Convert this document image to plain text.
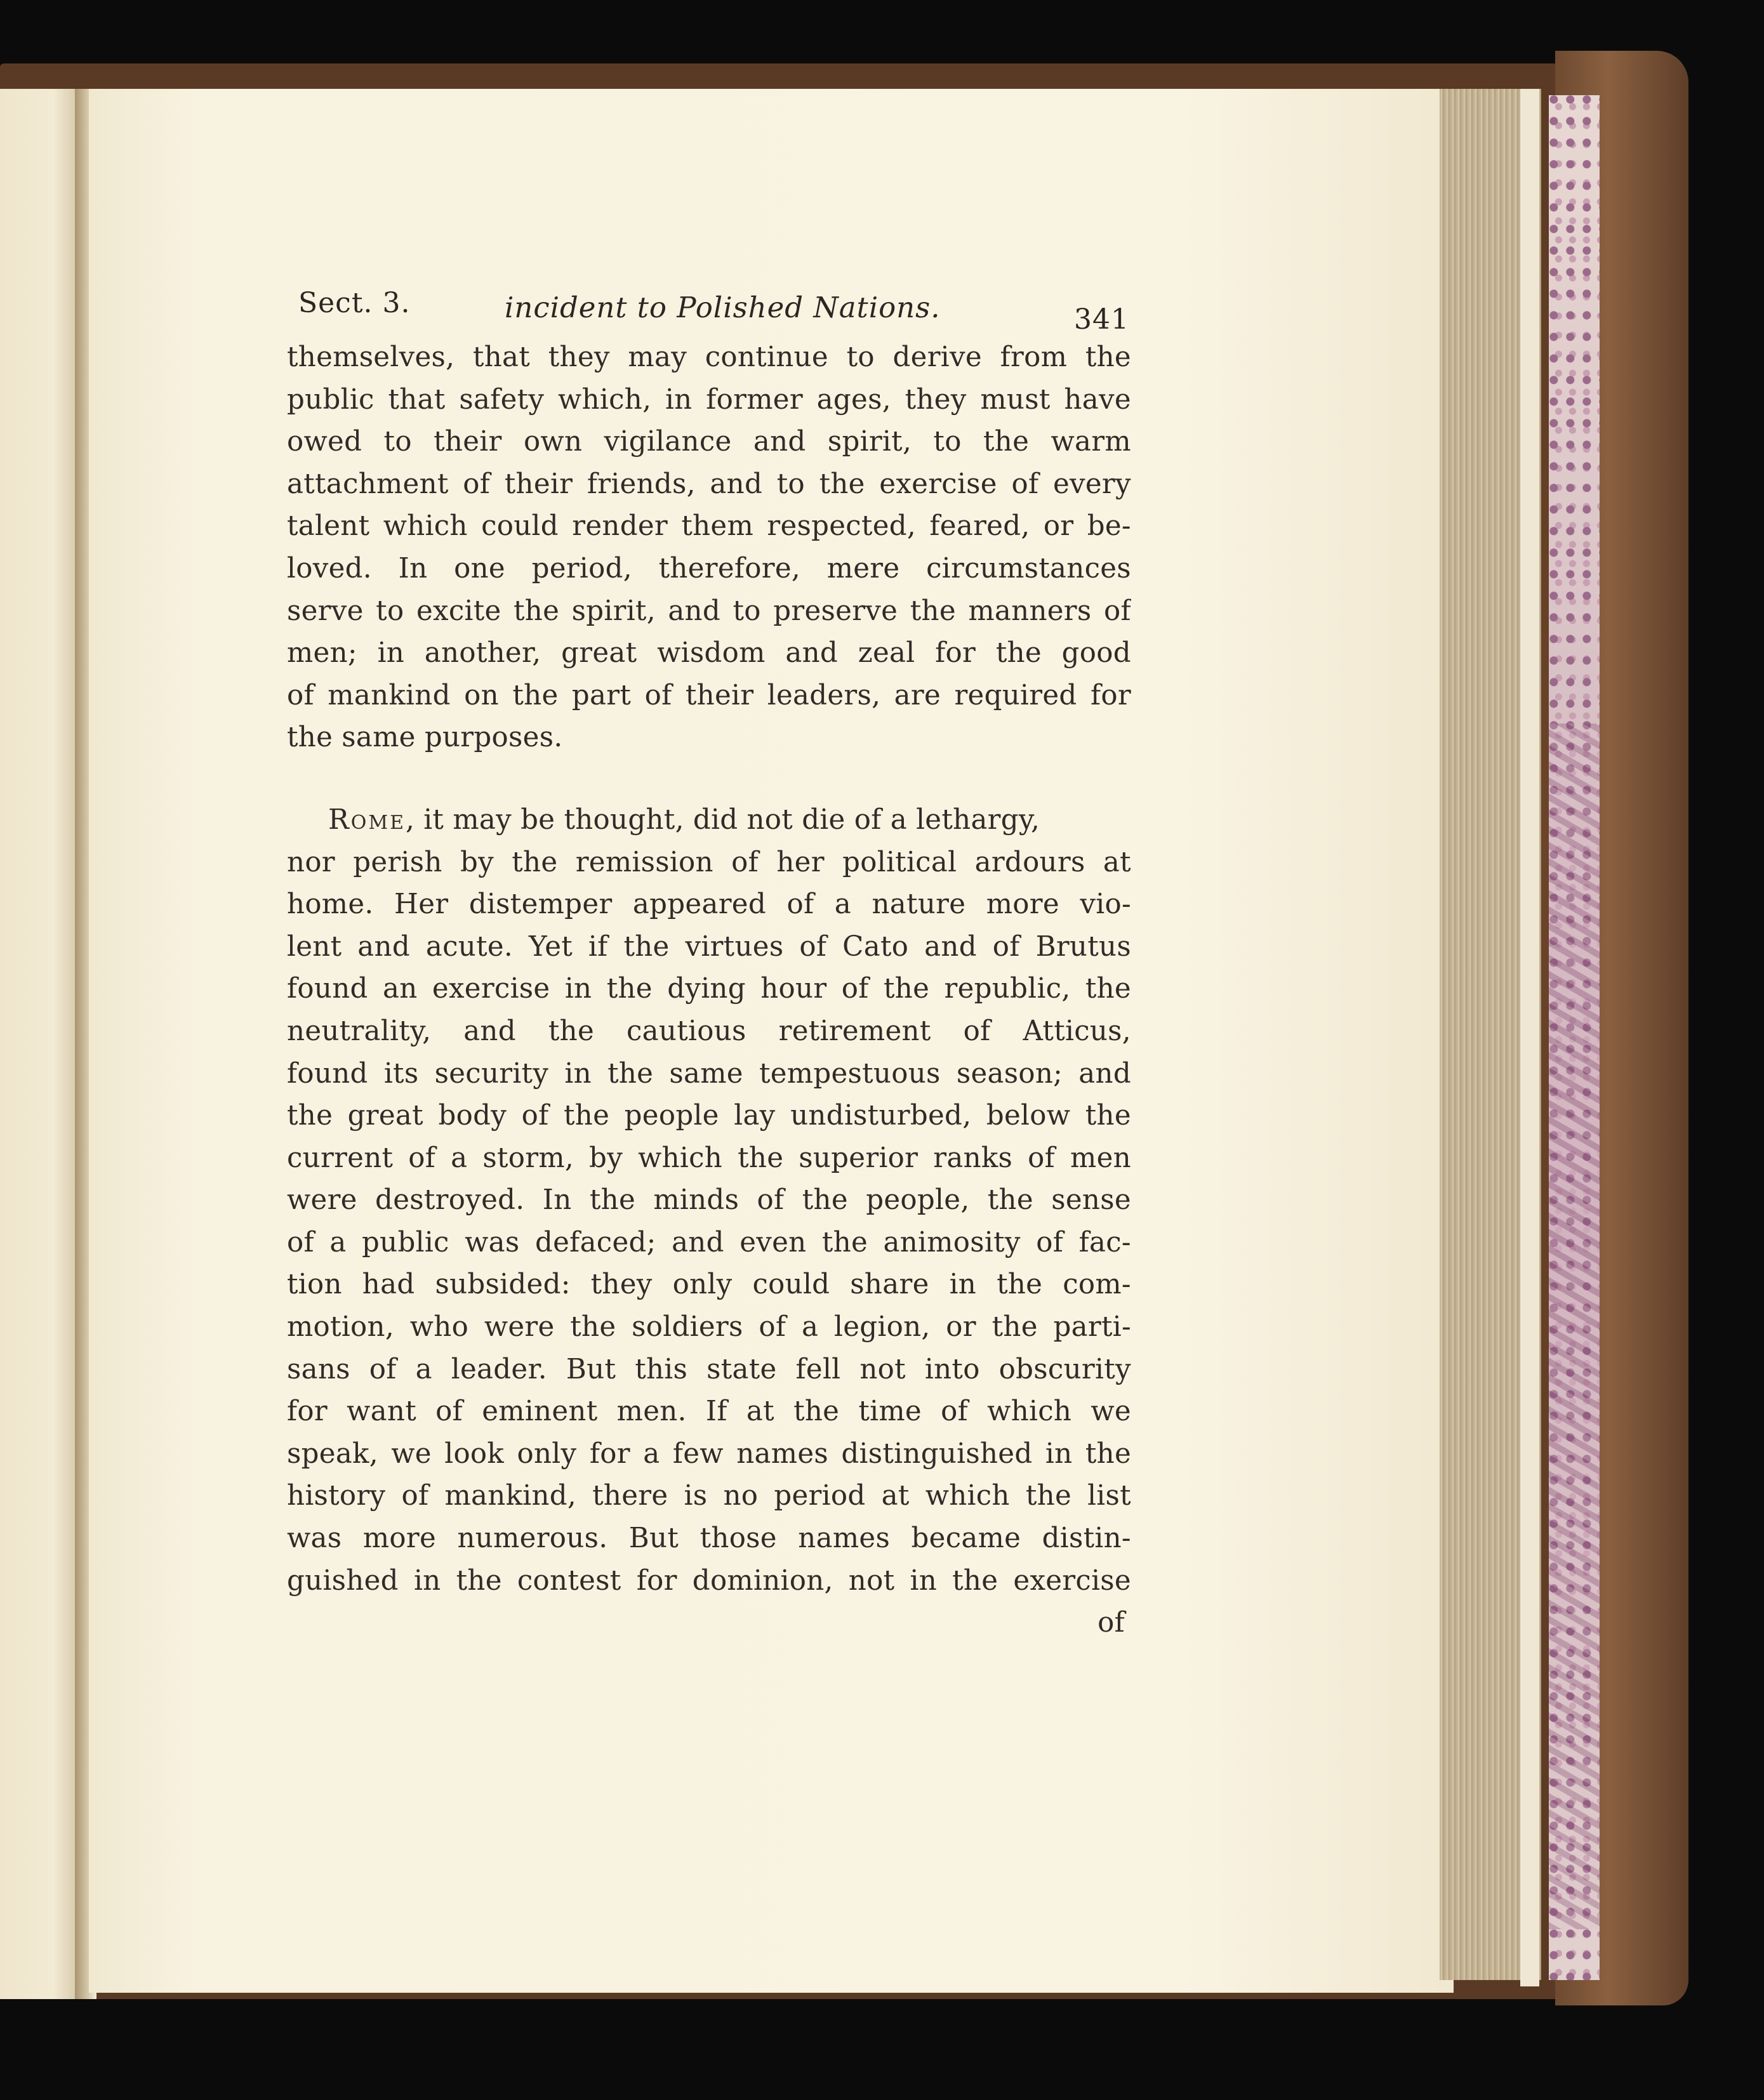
Sect. 3.	incident to Polished Nations.	341
themselves, that they may continue to derive from the
public that safety which, in former ages, they must have
owed to their own vigilance and spirit, to the warm
attachment of their friends, and to the exercise of every
talent which could render them respected, feared, or be-
loved. In one period, therefore, mere circumstances
serve to excite the spirit, and to preserve the manners of
men; in another, great wisdom and zeal for the good
of mankind on the part of their leaders, are required for
the same purposes.
Rome , it may be thought, did not die of a lethargy,
nor perish by the remission of her political ardours at
home. Her distemper appeared of a nature more vio-
lent and acute. Yet if the virtues of Cato and of Brutus
found an exercise in the dying hour of the republic, the
neutrality, and the cautious retirement of Atticus,
found its security in the same tempestuous season; and
the great body of the people lay undisturbed, below the
current of a storm, by which the superior ranks of men
were destroyed. In the minds of the people, the sense
of a public was defaced; and even the animosity of fac-
tion had subsided: they only could share in the com-
motion, who were the soldiers of a legion, or the parti-
sans of a leader. But this state fell not into obscurity
for want of eminent men. If at the time of which we
speak, we look only for a few names distinguished in the
history of mankind, there is no period at which the list
was more numerous. But those names became distin-
guished in the contest for dominion, not in the exercise
of
